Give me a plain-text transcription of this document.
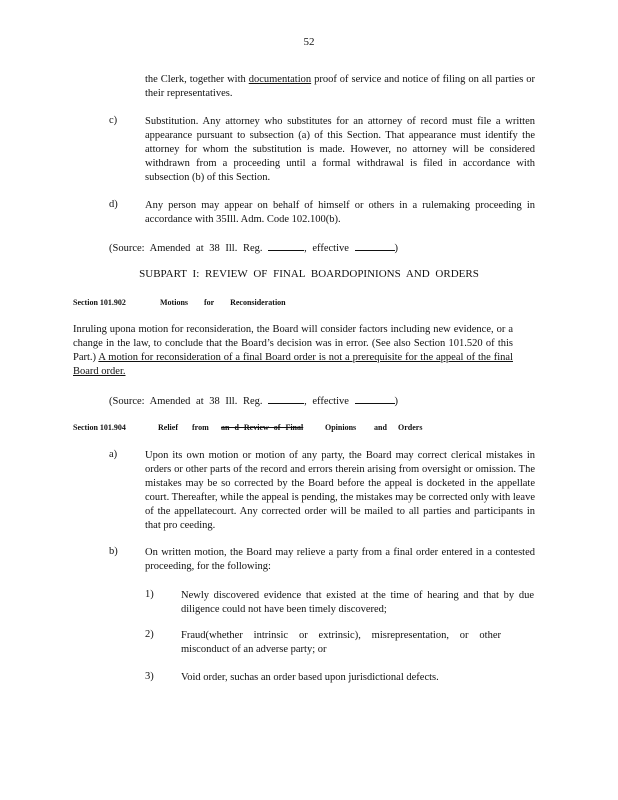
52
the Clerk, together with documentation proof of service and notice of filing on all parties or their representatives.
c)	Substitution. Any attorney who substitutes for an attorney of record must file a written appearance pursuant to subsection (a) of this Section. That appearance must identify the attorney for whom the substitution is made. However, no attorney will be considered withdrawn from a proceeding until a formal withdrawal is filed in accordance with subsection (b) of this Section.
d)	Any person may appear on behalf of himself or others in a rulemaking proceeding in accordance with 35Ill. Adm. Code 102.100(b).
(Source: Amended at 38 Ill. Reg.	, effective	)
SUBPART I: REVIEW OF FINAL BOARDOPINIONS AND ORDERS
Section 101.902	Motions for Reconsideration
Inruling upona motion for reconsideration, the Board will consider factors including new evidence, or a change in the law, to conclude that the Board’s decision was in error. (See also Section 101.520 of this Part.) A motion for reconsideration of a final Board order is not a prerequisite for the appeal of the final Board order.
(Source: Amended at 38 Ill. Reg.	, effective	)
Section 101.904	Relief from an d Review of Final	Opinions and Orders
a)	Upon its own motion or motion of any party, the Board may correct clerical mistakes in orders or other parts of the record and errors therein arising from oversight or omission. The mistakes may be so corrected by the Board before the appeal is docketed in the appellate court. Thereafter, while the appeal is pending, the mistakes may be corrected only with leave of the appellatecourt. Any corrected order will be mailed to all parties and participants in that pro ceeding.
b)	On written motion, the Board may relieve a party from a final order entered in a contested proceeding, for the following:
1)	Newly discovered evidence that existed at the time of hearing and that by due diligence could not have been timely discovered;
2)	Fraud(whether intrinsic or extrinsic), misrepresentation, or other misconduct of an adverse party; or
3)	Void order, suchas an order based upon jurisdictional defects.
